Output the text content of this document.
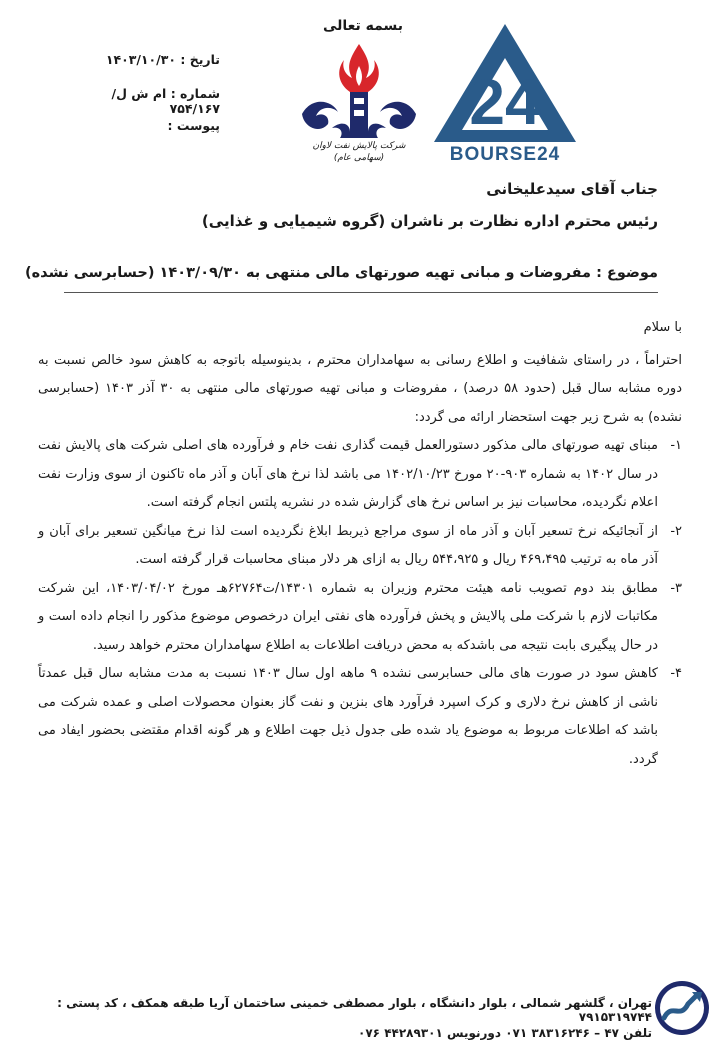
بسمه تعالی
تاریخ : ۱۴۰۳/۱۰/۳۰
شماره : ام ش ل/۷۵۴/۱۶۷
پیوست :
شرکت پالایش نفت لاوان
(سهامی عام)
24
BOURSE24
جناب آقای سیدعلیخانی
رئیس محترم اداره نظارت بر ناشران (گروه شیمیایی و غذایی)
موضوع : مفروضات و مبانی تهیه صورتهای مالی منتهی به ۱۴۰۳/۰۹/۳۰ (حسابرسی نشده)

با سلام

احتراماً ، در راستای شفافیت و اطلاع رسانی به سهامداران محترم ، بدینوسیله باتوجه به کاهش سود خالص نسبت به دوره مشابه سال قبل (حدود ۵۸ درصد) ، مفروضات و مبانی تهیه صورتهای مالی منتهی به ۳۰ آذر ۱۴۰۳ (حسابرسی نشده) به شرح زیر جهت استحضار ارائه می گردد:

۱-
مبنای تهیه صورتهای مالی مذکور دستورالعمل قیمت گذاری نفت خام و فرآورده های اصلی شرکت های پالایش نفت در سال ۱۴۰۲ به شماره ۹۰۳-۲۰ مورخ ۱۴۰۲/۱۰/۲۳ می باشد لذا نرخ های آبان و آذر ماه تاکنون از سوی وزارت نفت اعلام نگردیده، محاسبات نیز بر اساس نرخ های گزارش شده در نشریه پلتس انجام گرفته است.
۲-
از آنجائیکه نرخ تسعیر آبان و آذر ماه از سوی مراجع ذیربط ابلاغ نگردیده است لذا نرخ میانگین تسعیر برای آبان و آذر ماه به ترتیب ۴۶۹،۴۹۵ ریال و ۵۴۴،۹۲۵ ریال به ازای هر دلار مبنای محاسبات قرار گرفته است.
۳-
مطابق بند دوم تصویب نامه هیئت محترم وزیران به شماره ۱۴۳۰۱/ت۶۲۷۶۴هـ مورخ ۱۴۰۳/۰۴/۰۲، این شرکت مکاتبات لازم با شرکت ملی پالایش و پخش فرآورده های نفتی ایران درخصوص موضوع مذکور را انجام داده است و در حال پیگیری بابت نتیجه می باشدکه به محض دریافت اطلاعات به اطلاع سهامداران محترم خواهد رسید.
۴-
کاهش سود در صورت های مالی حسابرسی نشده ۹ ماهه اول سال ۱۴۰۳ نسبت به مدت مشابه سال قبل عمدتاً ناشی از کاهش نرخ دلاری و کرک اسپرد فرآورد های بنزین و نفت گاز بعنوان محصولات اصلی و عمده شرکت می باشد که اطلاعات مربوط به موضوع یاد شده طی جدول ذیل جهت اطلاع و هر گونه اقدام مقتضی بحضور ایفاد می گردد.
تهران ، گلشهر شمالی ، بلوار دانشگاه ، بلوار مصطفی خمینی ساختمان آریا طبقه همکف ، کد پستی : ۷۹۱۵۳۱۹۷۴۴
تلفن ۴۷ – ۳۸۳۱۶۲۴۶ ۰۷۱ دورنویس ۴۴۲۸۹۳۰۱ ۰۷۶
